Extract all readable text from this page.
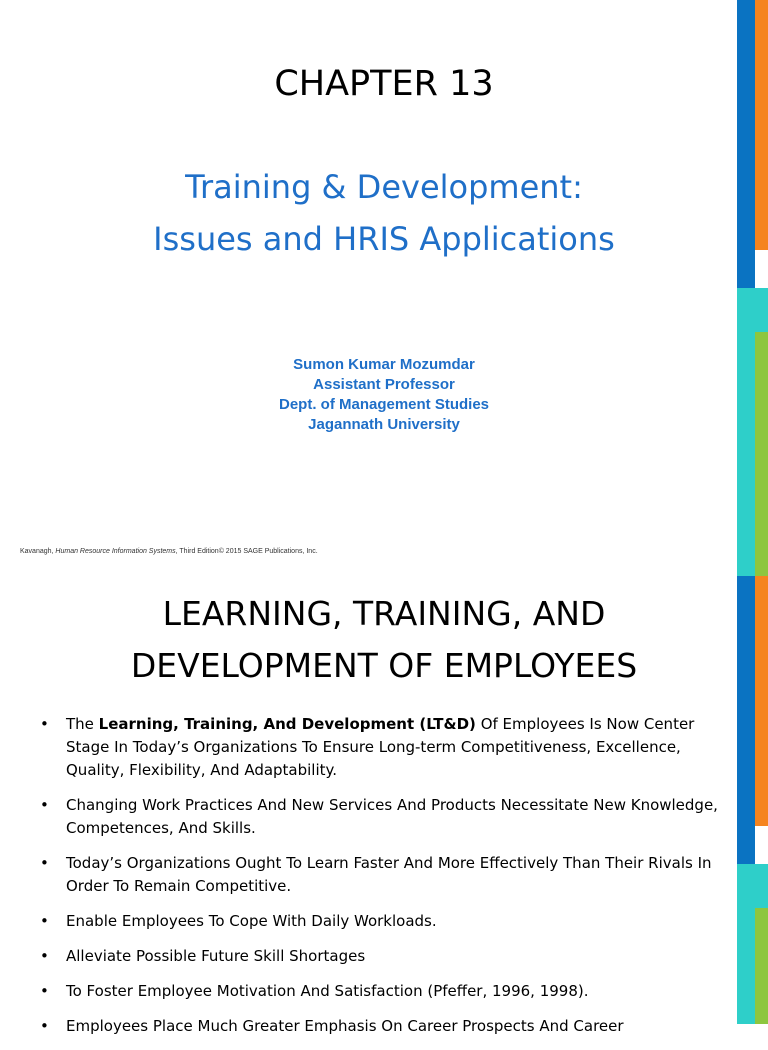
CHAPTER 13
Training & Development:
Issues and HRIS Applications
Sumon Kumar Mozumdar
Assistant Professor
Dept. of Management Studies
Jagannath University
Kavanagh, Human Resource Information Systems, Third Edition© 2015 SAGE Publications, Inc.
LEARNING, TRAINING, AND
DEVELOPMENT OF EMPLOYEES
• The Learning, Training, And Development (LT&D) Of Employees Is Now Center Stage In Today’s Organizations To Ensure Long-term Competitiveness, Excellence, Quality, Flexibility, And Adaptability.
• Changing Work Practices And New Services And Products Necessitate New Knowledge, Competences, And Skills.
• Today’s Organizations Ought To Learn Faster And More Effectively Than Their Rivals In Order To Remain Competitive.
• Enable Employees To Cope With Daily Workloads.
• Alleviate Possible Future Skill Shortages
• To Foster Employee Motivation And Satisfaction (Pfeffer, 1996, 1998).
• Employees Place Much Greater Emphasis On Career Prospects And Career
